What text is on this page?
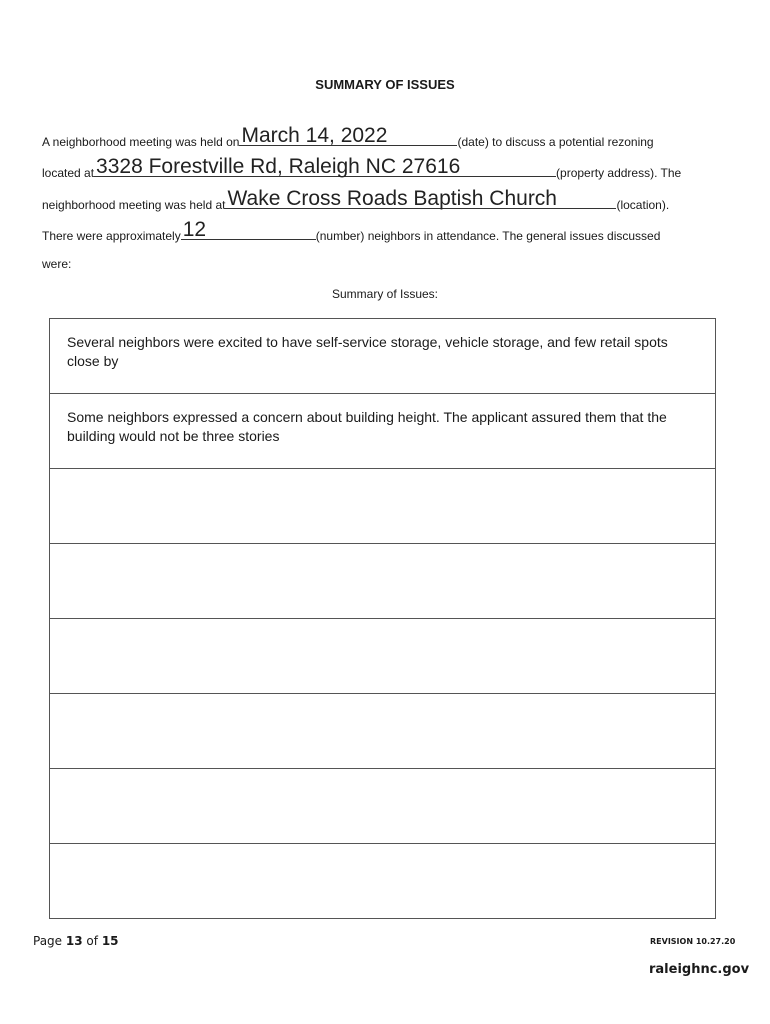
SUMMARY OF ISSUES
A neighborhood meeting was held on March 14, 2022	(date) to discuss a potential rezoning
located at 3328 Forestville Rd, Raleigh NC 27616	(property address). The
neighborhood meeting was held at Wake Cross Roads Baptish Church	(location).
There were approximately 12	(number) neighbors in attendance. The general issues discussed
were:
Summary of Issues:
Several neighbors were excited to have self-service storage, vehicle storage, and few retail spots close by
Some neighbors expressed a concern about building height. The applicant assured them that the building would not be three stories
Page 13 of 15	REVISION 10.27.20
raleighnc.gov
